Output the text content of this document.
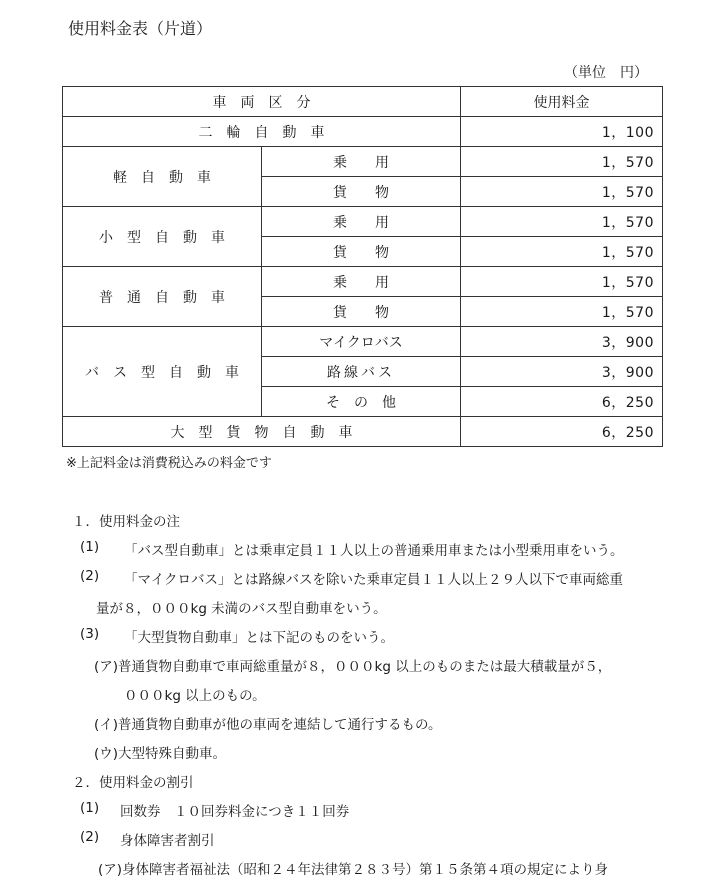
使用料金表（片道）
（単位　円）
車　両　区　分		使用料金
二　輪　自　動　車		1，100
軽　自　動　車	乗　　用	1，570
	貨　　物	1，570
小　型　自　動　車	乗　　用	1，570
	貨　　物	1，570
普　通　自　動　車	乗　　用	1，570
	貨　　物	1，570
バ　ス　型　自　動　車	マイクロバス	3，900
	路線バス	3，900
	そ　の　他	6，250
大　型　貨　物　自　動　車		6，250
※上記料金は消費税込みの料金です
１．使用料金の注
(1) 「バス型自動車」とは乗車定員１１人以上の普通乗用車または小型乗用車をいう。
(2) 「マイクロバス」とは路線バスを除いた乗車定員１１人以上２９人以下で車両総重
量が８，０００kg 未満のバス型自動車をいう。
(3) 「大型貨物自動車」とは下記のものをいう。
(ア)普通貨物自動車で車両総重量が８，０００kg 以上のものまたは最大積載量が５，
０００kg 以上のもの。
(イ)普通貨物自動車が他の車両を連結して通行するもの。
(ウ)大型特殊自動車。
２．使用料金の割引
(1) 回数券　１０回券料金につき１１回券
(2) 身体障害者割引
(ア)身体障害者福祉法（昭和２４年法律第２８３号）第１５条第４項の規定により身
